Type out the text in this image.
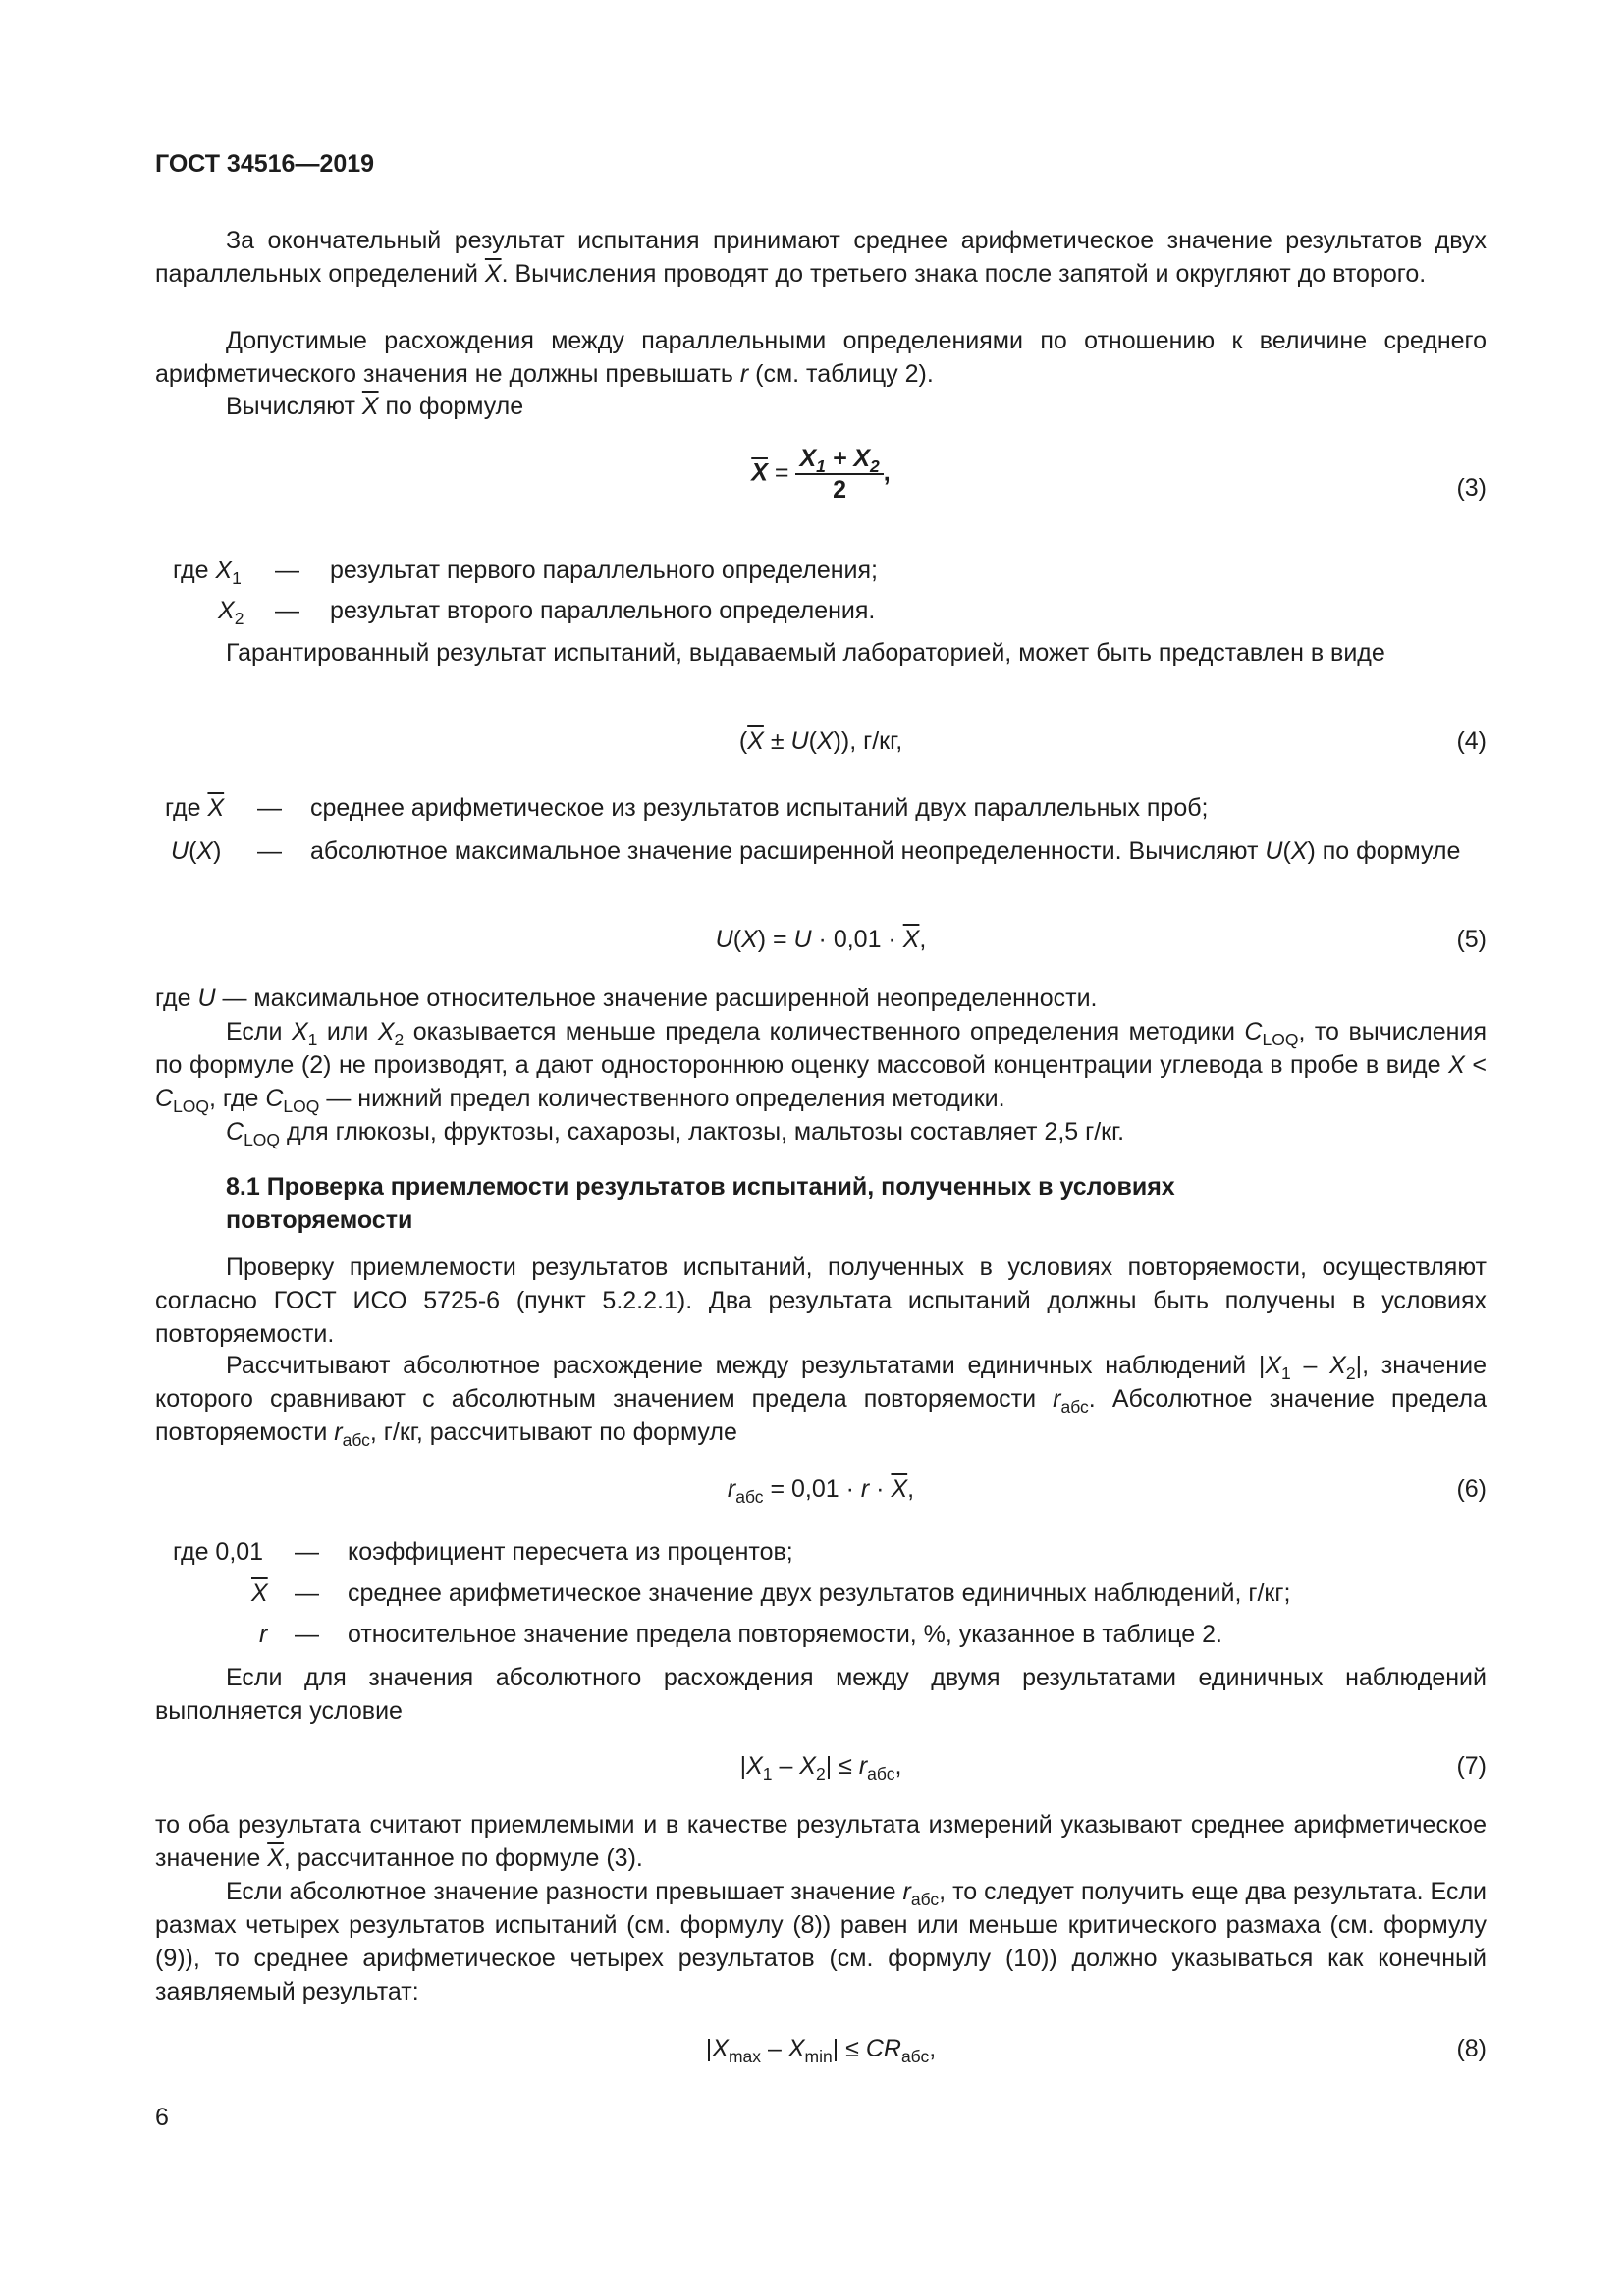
ГОСТ 34516—2019
За окончательный результат испытания принимают среднее арифметическое значение результатов двух параллельных определений $\overline{X}$. Вычисления проводят до третьего знака после запятой и округляют до второго.
Допустимые расхождения между параллельными определениями по отношению к величине среднего арифметического значения не должны превышать r (см. таблицу 2).
Вычисляют $\overline{X}$ по формуле
$\overline{X} = \frac{X_1 + X_2}{2}$ ,
(3)
где $X_1$ — результат первого параллельного определения;
$X_2$ — результат второго параллельного определения.
Гарантированный результат испытаний, выдаваемый лабораторией, может быть представлен в виде
$(\overline{X} \pm U(X))$, г/кг,	(4)
где $\overline{X}$ — среднее арифметическое из результатов испытаний двух параллельных проб;
U(X) — абсолютное максимальное значение расширенной неопределенности. Вычисляют U(X) по формуле
$U(X) = U \cdot 0,01 \cdot \overline{X}$,	(5)
где U — максимальное относительное значение расширенной неопределенности.
Если $X_1$ или $X_2$ оказывается меньше предела количественного определения методики $C_{LOQ}$, то вычисления по формуле (2) не производят, а дают одностороннюю оценку массовой концентрации углевода в пробе в виде $X < C_{LOQ}$, где $C_{LOQ}$ — нижний предел количественного определения методики.
$C_{LOQ}$ для глюкозы, фруктозы, сахарозы, лактозы, мальтозы составляет 2,5 г/кг.
8.1 Проверка приемлемости результатов испытаний, полученных в условиях повторяемости
Проверку приемлемости результатов испытаний, полученных в условиях повторяемости, осуществляют согласно ГОСТ ИСО 5725-6 (пункт 5.2.2.1). Два результата испытаний должны быть получены в условиях повторяемости.
Рассчитывают абсолютное расхождение между результатами единичных наблюдений $|X_1 - X_2|$, значение которого сравнивают с абсолютным значением предела повторяемости $r_{абс}$. Абсолютное значение предела повторяемости $r_{абс}$, г/кг, рассчитывают по формуле
$r_{абс} = 0,01 \cdot r \cdot \overline{X}$,	(6)
где 0,01 — коэффициент пересчета из процентов;
$\overline{X}$ — среднее арифметическое значение двух результатов единичных наблюдений, г/кг;
r — относительное значение предела повторяемости, %, указанное в таблице 2.
Если для значения абсолютного расхождения между двумя результатами единичных наблюдений выполняется условие
$|X_1 - X_2| \le r_{абс}$,	(7)
то оба результата считают приемлемыми и в качестве результата измерений указывают среднее арифметическое значение $\overline{X}$, рассчитанное по формуле (3).
Если абсолютное значение разности превышает значение $r_{абс}$, то следует получить еще два результата. Если размах четырех результатов испытаний (см. формулу (8)) равен или меньше критического размаха (см. формулу (9)), то среднее арифметическое четырех результатов (см. формулу (10)) должно указываться как конечный заявляемый результат:
$|X_{max} - X_{min}| \le CR_{абс}$,	(8)
6
